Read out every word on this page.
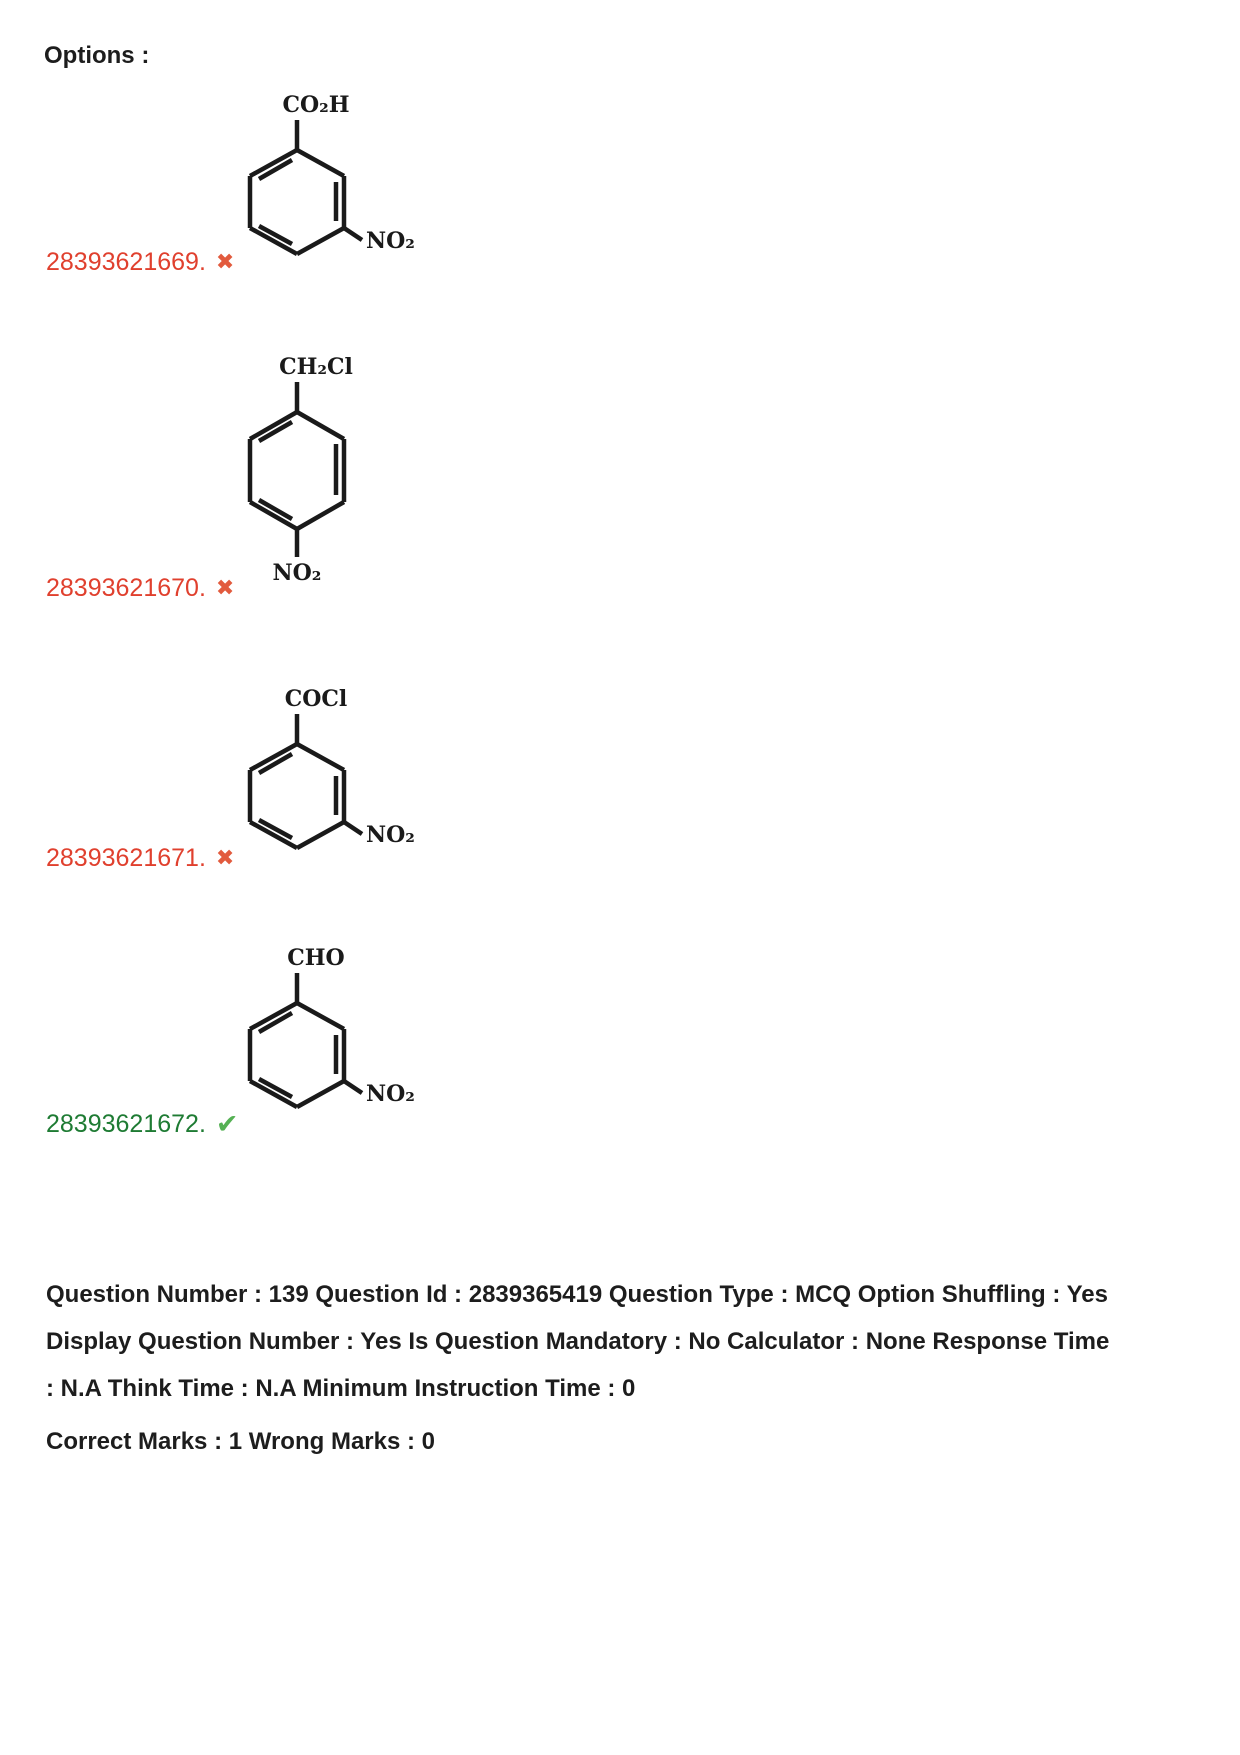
Options :
CO₂H
NO₂
28393621669. ✖
CH₂Cl
NO₂
28393621670. ✖
COCl
NO₂
28393621671. ✖
CHO
NO₂
28393621672. ✔
Question Number : 139 Question Id : 2839365419 Question Type : MCQ Option Shuffling : Yes
Display Question Number : Yes Is Question Mandatory : No Calculator : None Response Time
: N.A Think Time : N.A Minimum Instruction Time : 0
Correct Marks : 1 Wrong Marks : 0
